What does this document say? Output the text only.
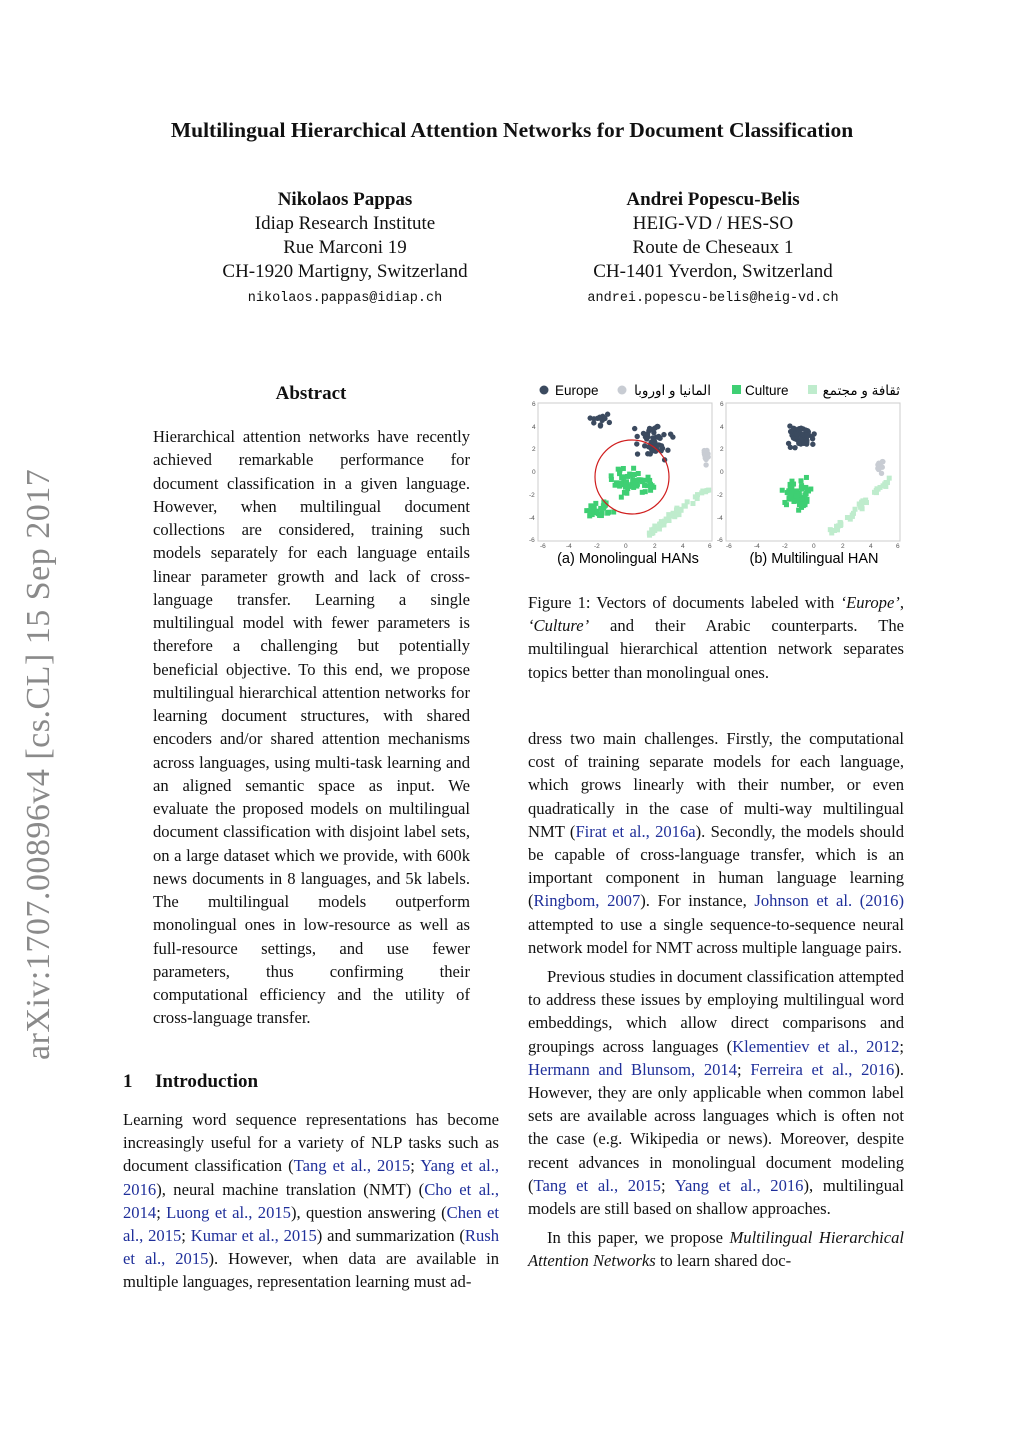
Multilingual Hierarchical Attention Networks for Document Classification
Nikolaos Pappas
Idiap Research Institute
Rue Marconi 19
CH-1920 Martigny, Switzerland
nikolaos.pappas@idiap.ch
Andrei Popescu-Belis
HEIG-VD / HES-SO
Route de Cheseaux 1
CH-1401 Yverdon, Switzerland
andrei.popescu-belis@heig-vd.ch
arXiv:1707.00896v4 [cs.CL] 15 Sep 2017
Abstract
Hierarchical attention networks have recently achieved remarkable performance for document classification in a given language. However, when multilingual document collections are considered, training such models separately for each language entails linear parameter growth and lack of cross-language transfer. Learning a single multilingual model with fewer parameters is therefore a challenging but potentially beneficial objective. To this end, we propose multilingual hierarchical attention networks for learning document structures, with shared encoders and/or shared attention mechanisms across languages, using multi-task learning and an aligned semantic space as input. We evaluate the proposed models on multilingual document classification with disjoint label sets, on a large dataset which we provide, with 600k news documents in 8 languages, and 5k labels. The multilingual models outperform monolingual ones in low-resource as well as full-resource settings, and use fewer parameters, thus confirming their computational efficiency and the utility of cross-language transfer.
1 Introduction

Learning word sequence representations has become increasingly useful for a variety of NLP tasks such as document classification (Tang et al., 2015; Yang et al., 2016), neural machine translation (NMT) (Cho et al., 2014; Luong et al., 2015), question answering (Chen et al., 2015; Kumar et al., 2015) and summarization (Rush et al., 2015). However, when data are available in multiple languages, representation learning must ad-

Europe	المانيا و اوروبا	Culture	ثقافة و مجتمع
-6	-4	-2	0	2	4	6
6
4
2
0
-2
-4
-6
-6	-4	-2	0	2	4	6
6
4
2
0
-2
-4
-6
(a) Monolingual HANs	(b) Multilingual HAN
Figure 1: Vectors of documents labeled with ‘Europe’, ‘Culture’ and their Arabic counterparts. The multilingual hierarchical attention network separates topics better than monolingual ones.

dress two main challenges. Firstly, the computational cost of training separate models for each language, which grows linearly with their number, or even quadratically in the case of multi-way multilingual NMT (Firat et al., 2016a). Secondly, the models should be capable of cross-language transfer, which is an important component in human language learning (Ringbom, 2007). For instance, Johnson et al. (2016) attempted to use a single sequence-to-sequence neural network model for NMT across multiple language pairs.

Previous studies in document classification attempted to address these issues by employing multilingual word embeddings, which allow direct comparisons and groupings across languages (Klementiev et al., 2012; Hermann and Blunsom, 2014; Ferreira et al., 2016). However, they are only applicable when common label sets are available across languages which is often not the case (e.g. Wikipedia or news). Moreover, despite recent advances in monolingual document modeling (Tang et al., 2015; Yang et al., 2016), multilingual models are still based on shallow approaches.

In this paper, we propose Multilingual Hierarchical Attention Networks to learn shared doc-
